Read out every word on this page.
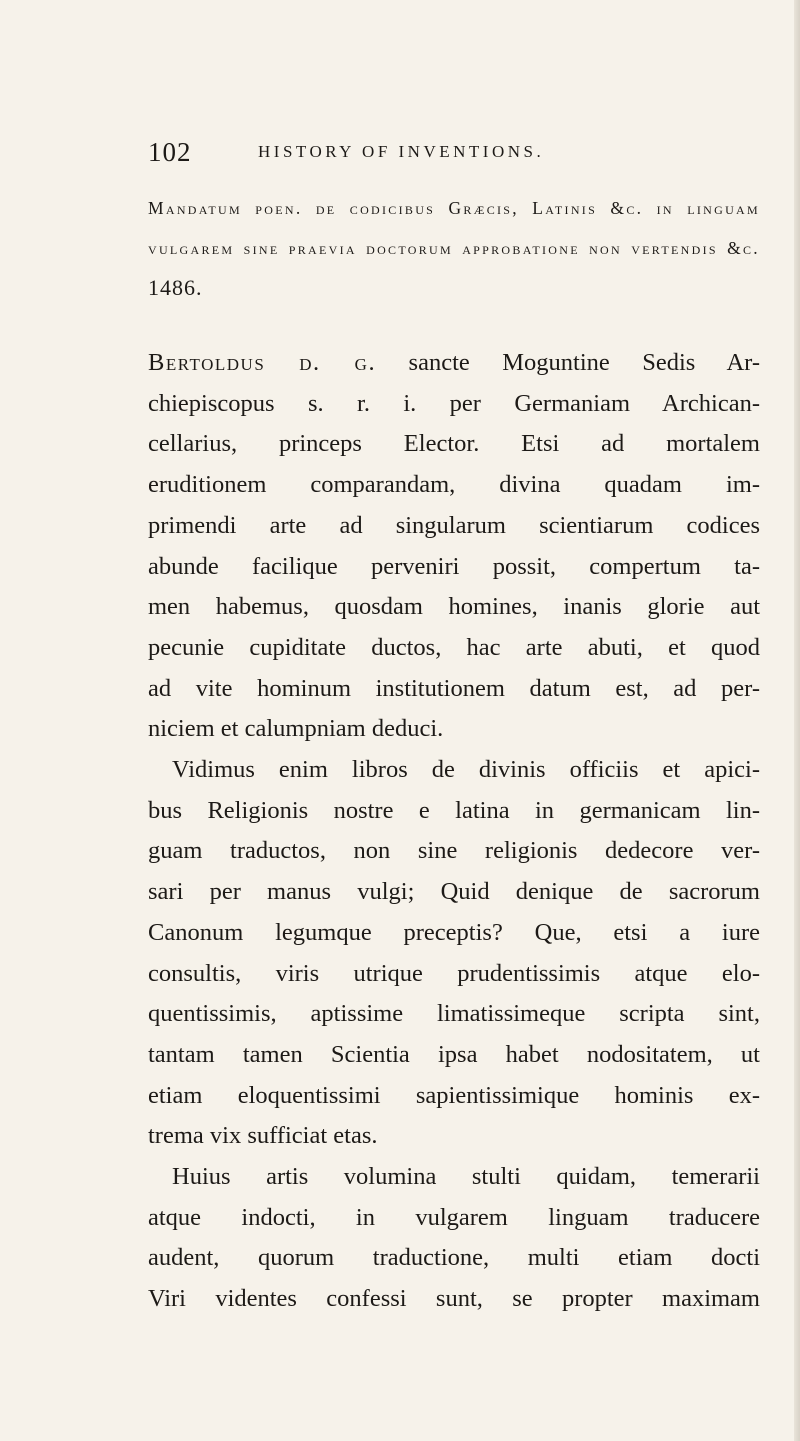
102	HISTORY OF INVENTIONS.

Mandatum poen. de codicibus Græcis, Latinis &c. in linguam vulgarem sine praevia doctorum approbatione non vertendis &c. 1486.

Bertoldus d. g. sancte Moguntine Sedis Ar-
chiepiscopus s. r. i. per Germaniam Archican-
cellarius, princeps Elector. Etsi ad mortalem
eruditionem comparandam, divina quadam im-
primendi arte ad singularum scientiarum codices
abunde facilique perveniri possit, compertum ta-
men habemus, quosdam homines, inanis glorie aut
pecunie cupiditate ductos, hac arte abuti, et quod
ad vite hominum institutionem datum est, ad per-
niciem et calumpniam deduci.
Vidimus enim libros de divinis officiis et apici-
bus Religionis nostre e latina in germanicam lin-
guam traductos, non sine religionis dedecore ver-
sari per manus vulgi; Quid denique de sacrorum
Canonum legumque preceptis? Que, etsi a iure
consultis, viris utrique prudentissimis atque elo-
quentissimis, aptissime limatissimeque scripta sint,
tantam tamen Scientia ipsa habet nodositatem, ut
etiam eloquentissimi sapientissimique hominis ex-
trema vix sufficiat etas.
Huius artis volumina stulti quidam, temerarii
atque indocti, in vulgarem linguam traducere
audent, quorum traductione, multi etiam docti
Viri videntes confessi sunt, se propter maximam
